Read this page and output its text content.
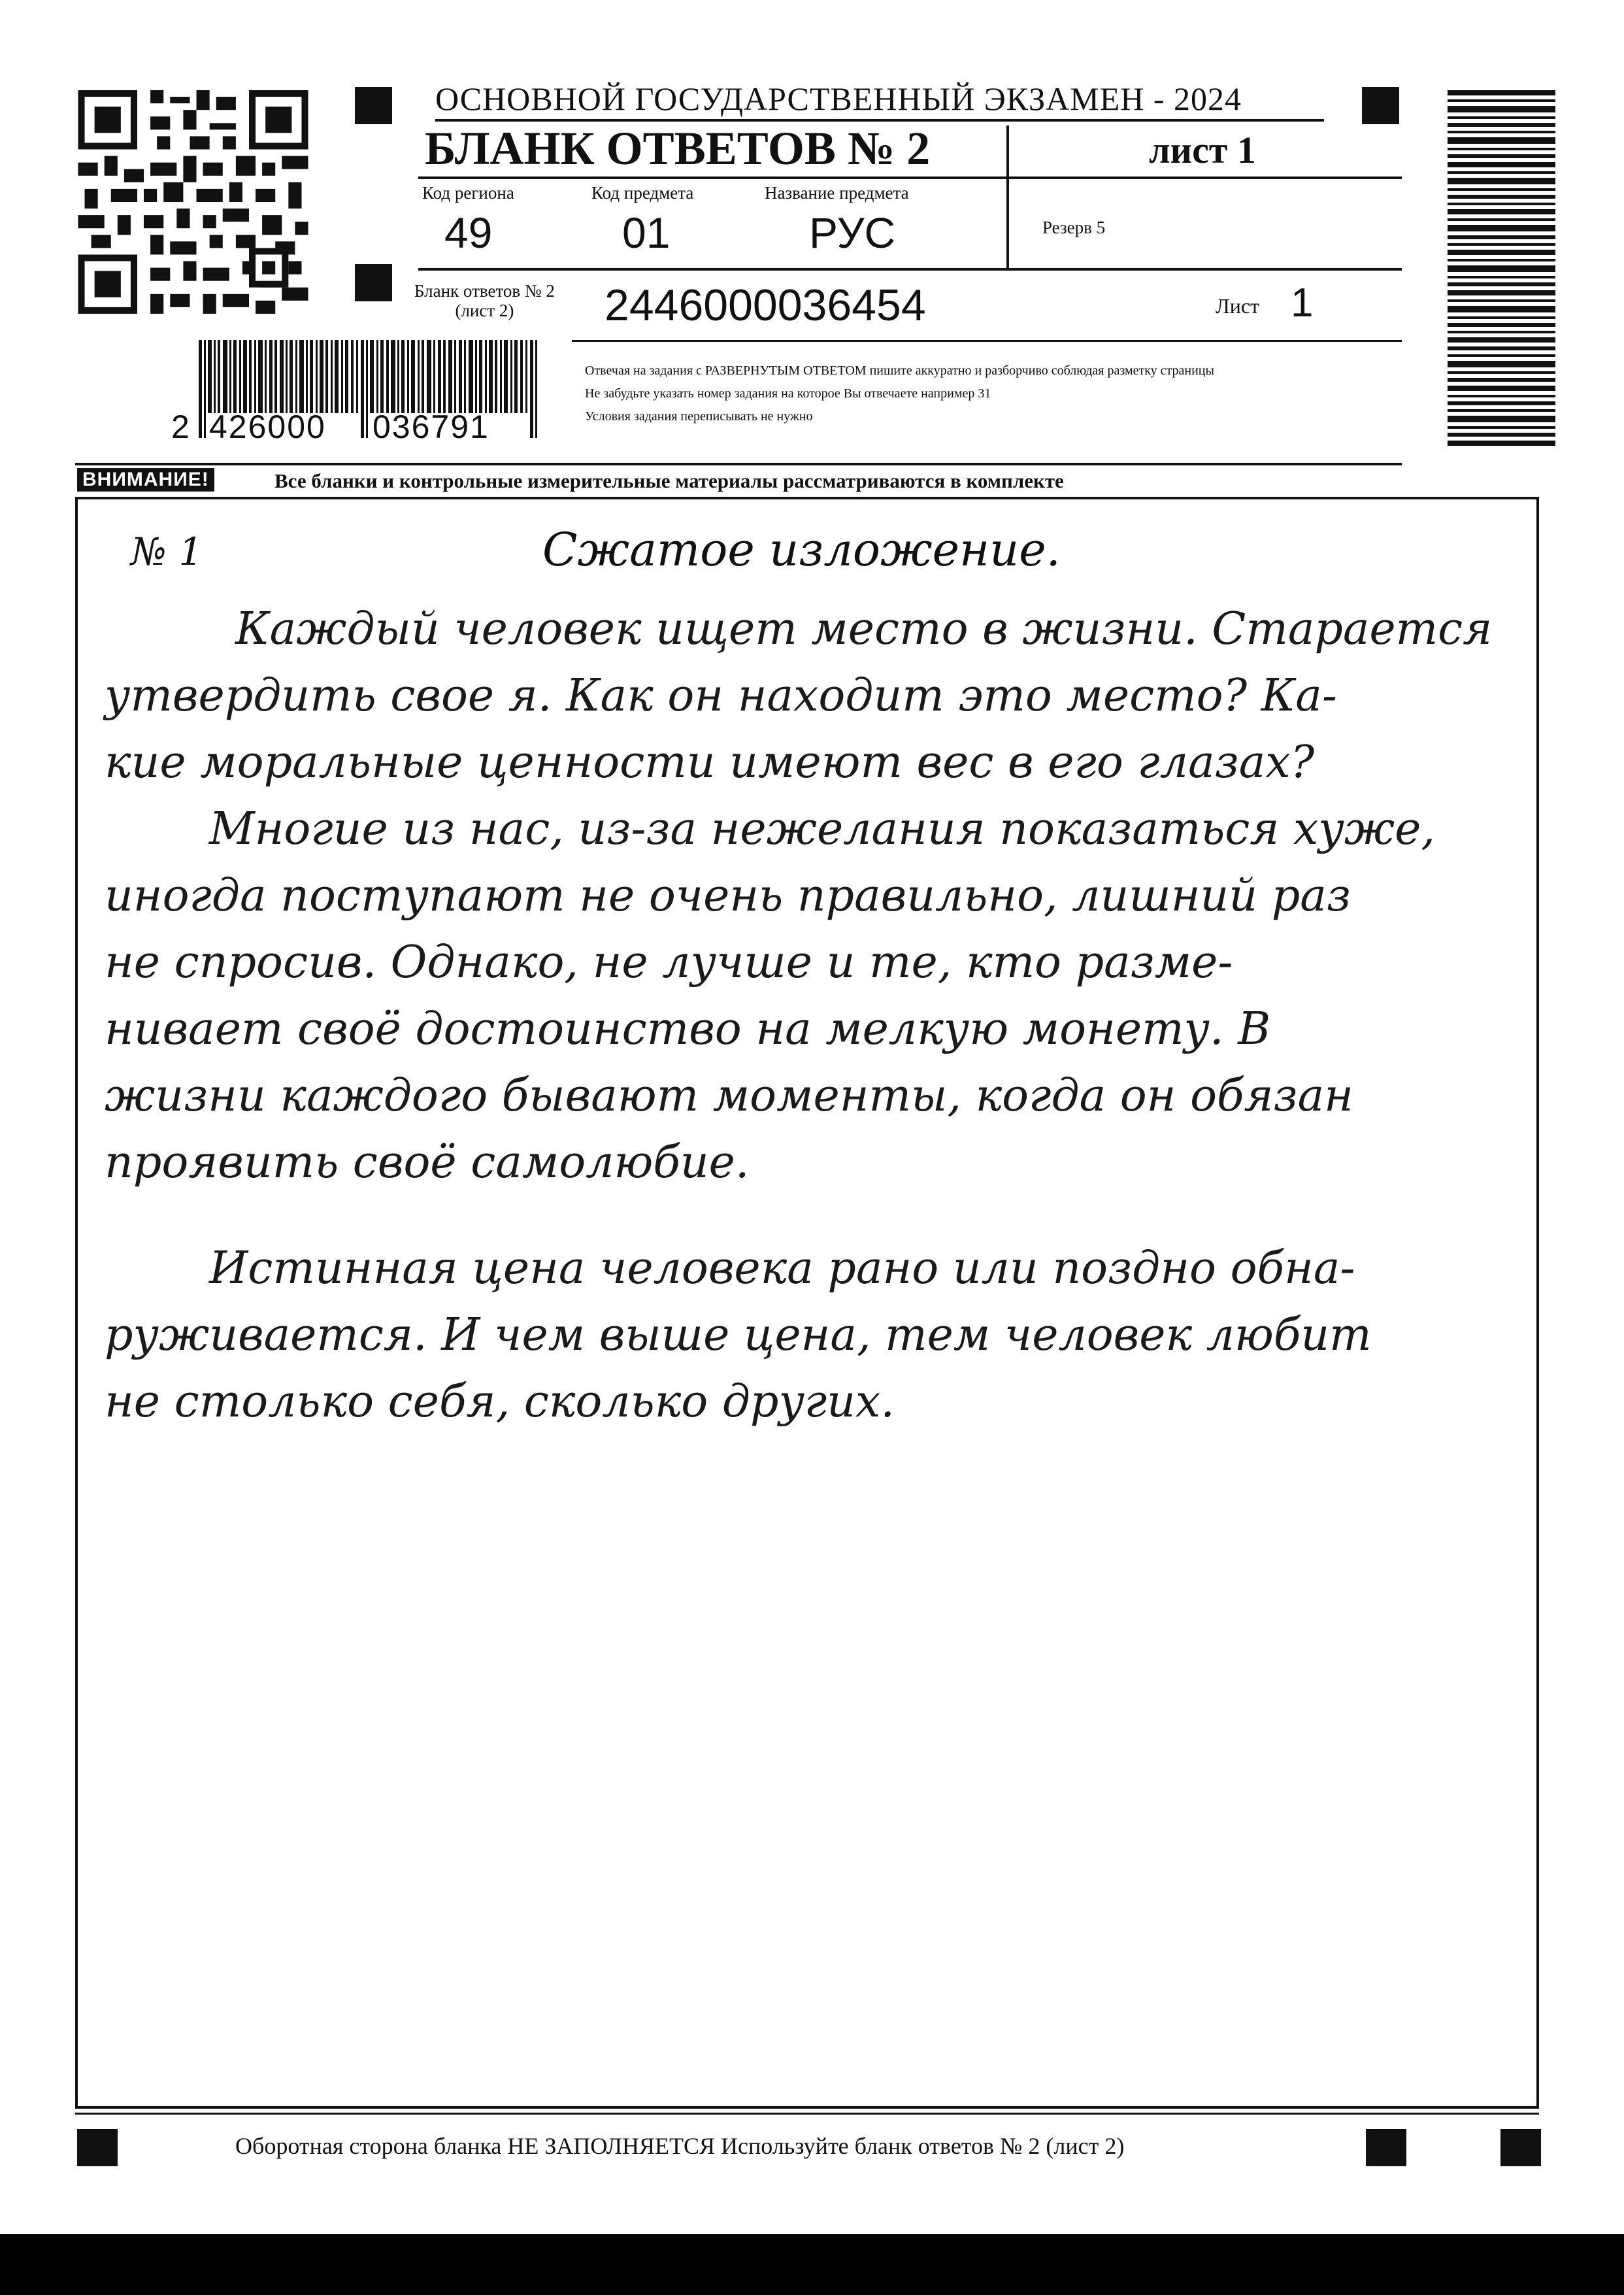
ОСНОВНОЙ ГОСУДАРСТВЕННЫЙ ЭКЗАМЕН - 2024
БЛАНК ОТВЕТОВ № 2	лист 1
Код региона
49
Код предмета
01
Название предмета
РУС	Резерв 5
Бланк ответов № 2
(лист 2)	2446000036454	Лист 1
2 426000 036791
Отвечая на задания с РАЗВЕРНУТЫМ ОТВЕТОМ пишите аккуратно и разборчиво соблюдая разметку страницы
Не забудьте указать номер задания на которое Вы отвечаете например 31
Условия задания переписывать не нужно
ВНИМАНИЕ!	Все бланки и контрольные измерительные материалы рассматриваются в комплекте
№ 1	Сжатое изложение.
Каждый человек ищет место в жизни. Старается
утвердить свое я. Как он находит это место? Ка-
кие моральные ценности имеют вес в его глазах?
Многие из нас, из-за нежелания показаться хуже,
иногда поступают не очень правильно, лишний раз
не спросив. Однако, не лучше и те, кто разме-
нивает своё достоинство на мелкую монету. В
жизни каждого бывают моменты, когда он обязан
проявить своё самолюбие.
Истинная цена человека рано или поздно обна-
руживается. И чем выше цена, тем человек любит
не столько себя, сколько других.
Оборотная сторона бланка НЕ ЗАПОЛНЯЕТСЯ Используйте бланк ответов № 2 (лист 2)
